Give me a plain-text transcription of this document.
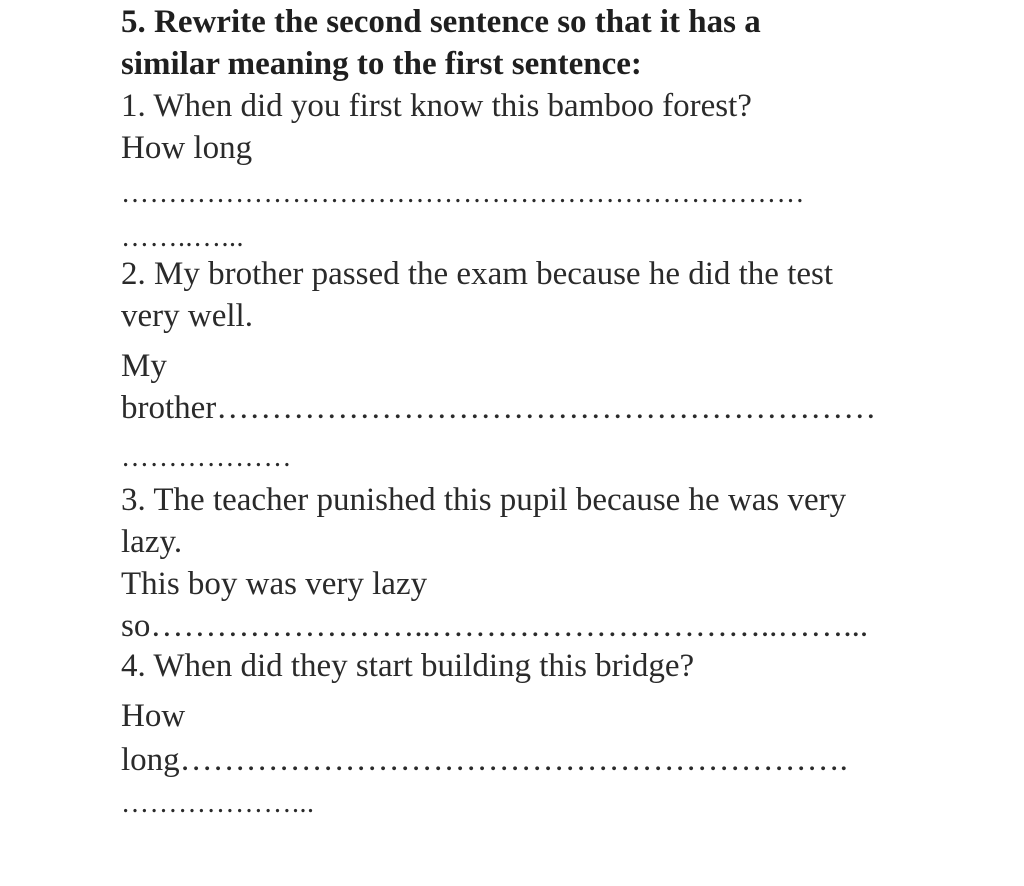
5. Rewrite the second sentence so that it has a
similar meaning to the first sentence:
1. When did you first know this bamboo forest?
How long
………………………………………………………………
……..…...
2. My brother passed the exam because he did the test
very well.
My
brother……………………………………………………
………………
3. The teacher punished this pupil because he was very
lazy.
This boy was very lazy
so……………………..…………………………..……...
4. When did they start building this bridge?
How
long…………………………………………………….
………………...
